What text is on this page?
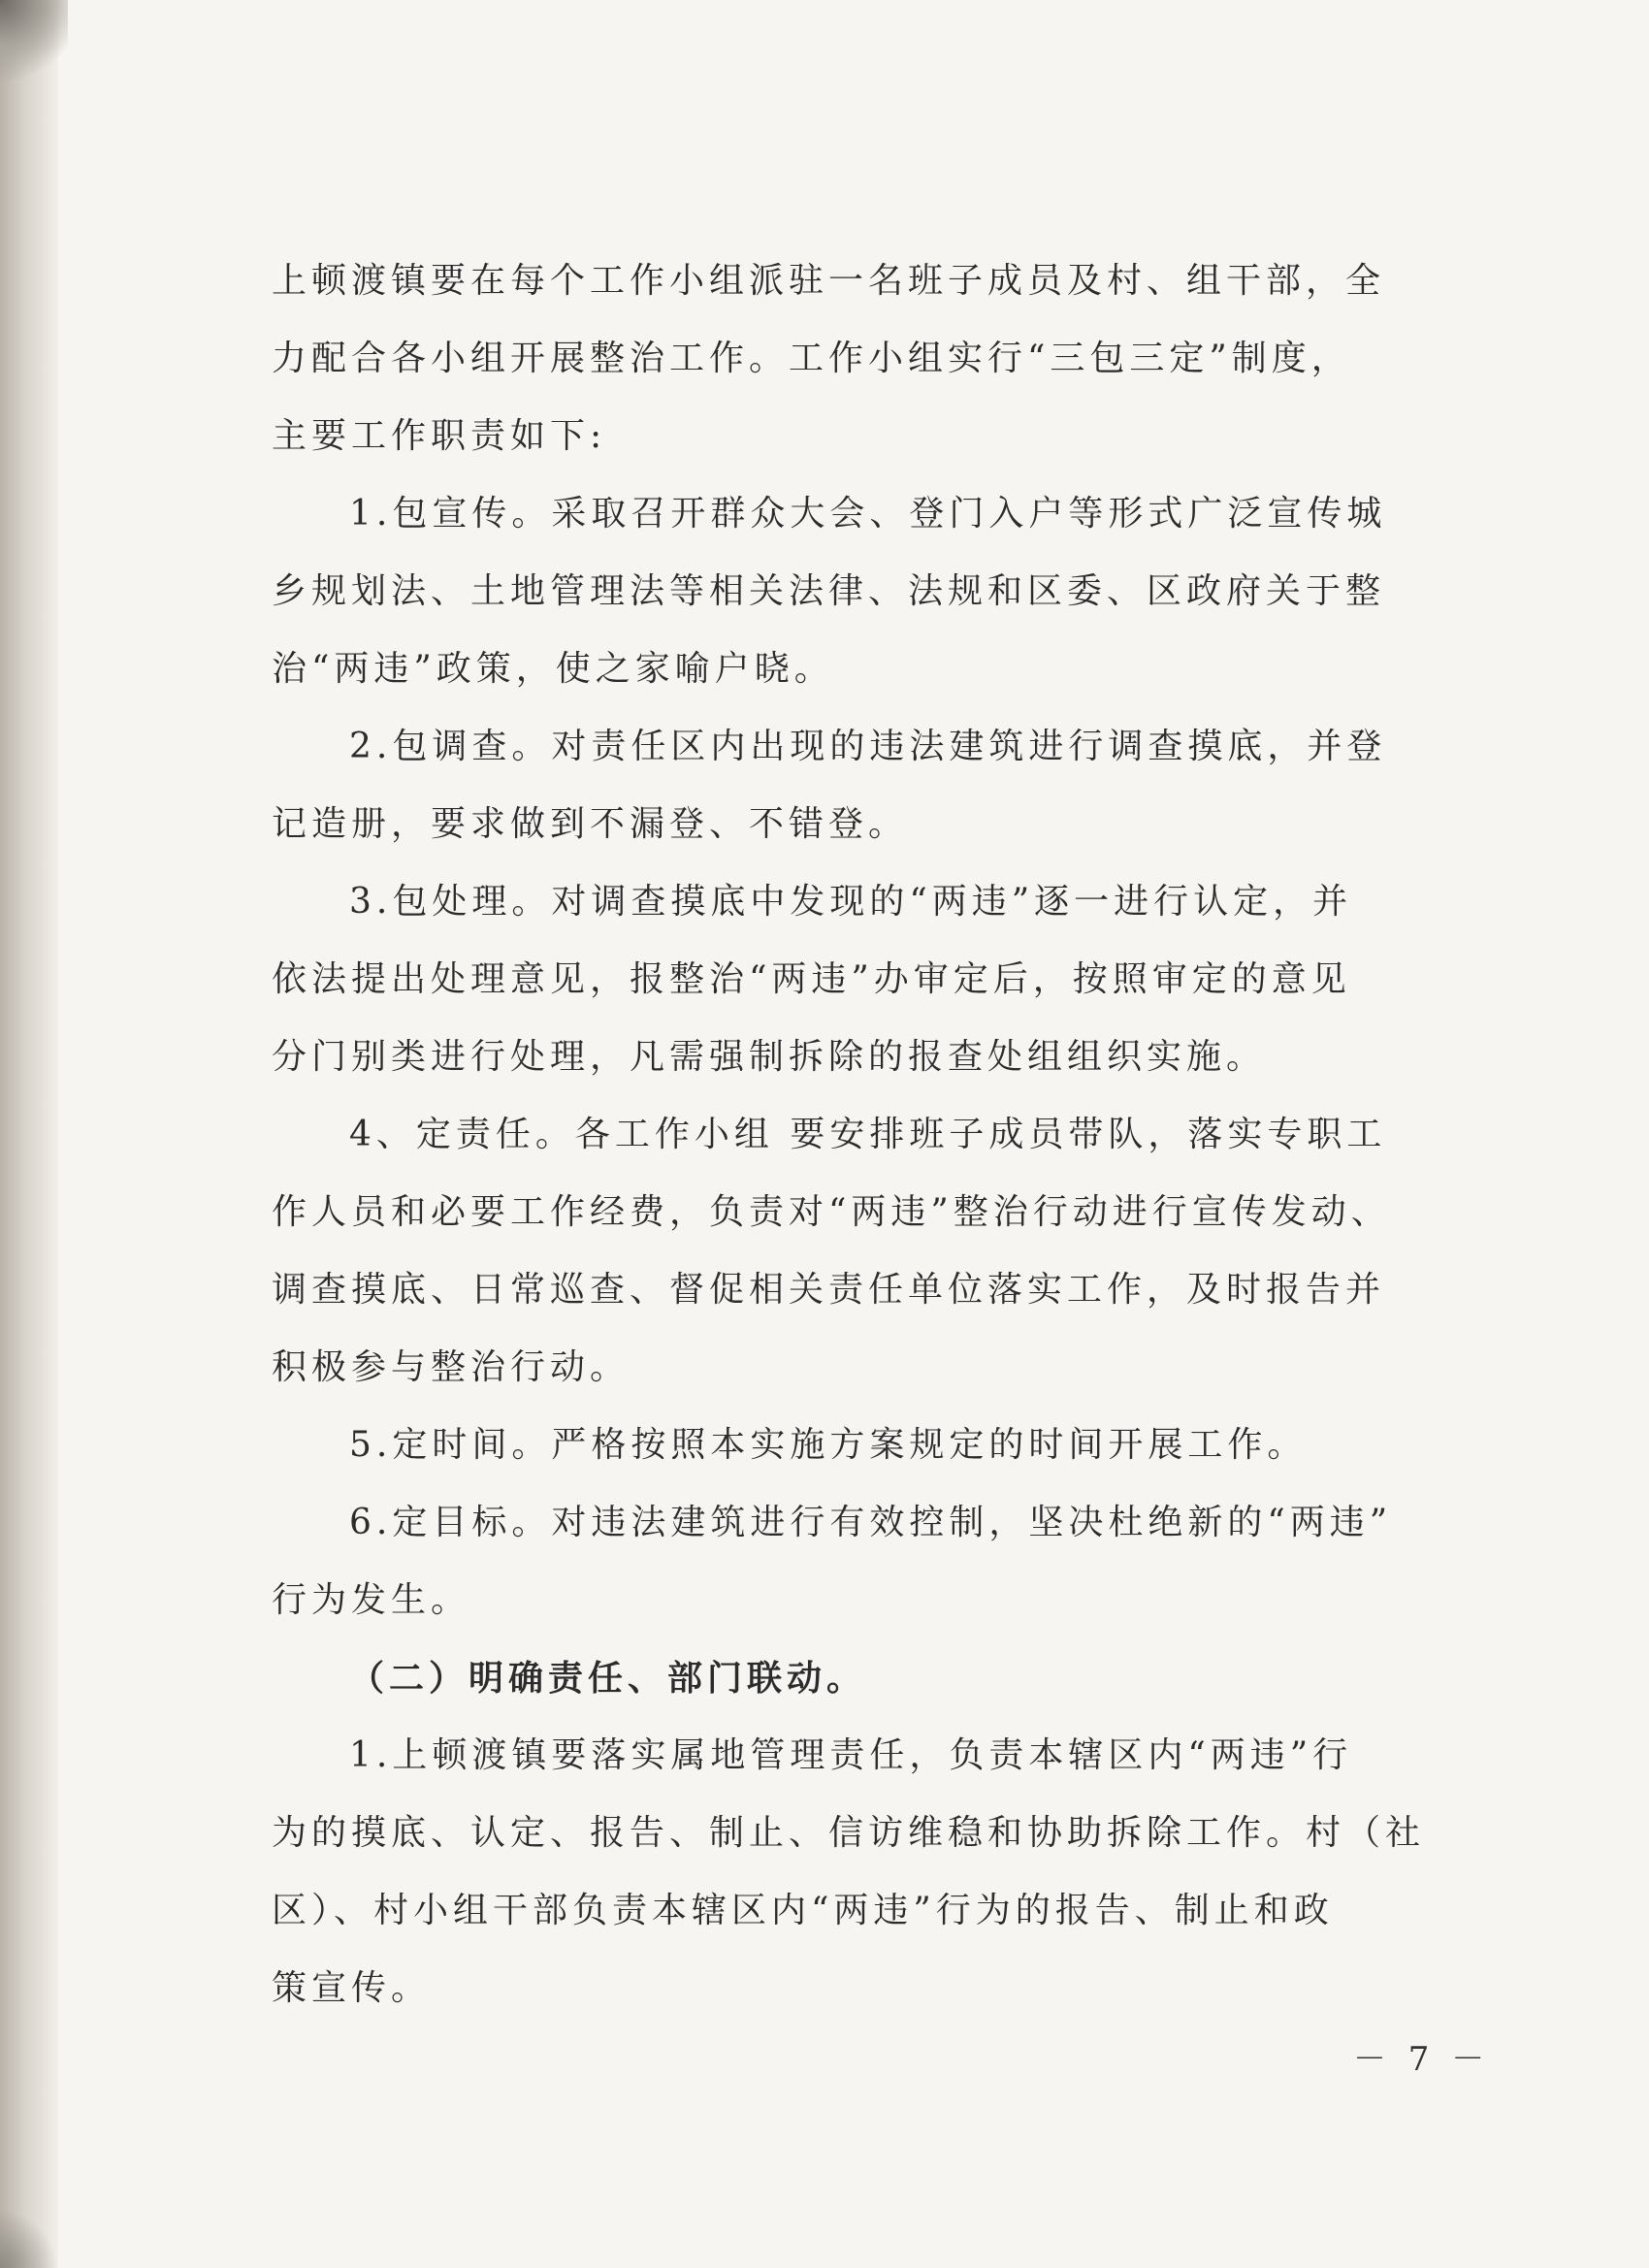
上顿渡镇要在每个工作小组派驻一名班子成员及村、组干部，全
力配合各小组开展整治工作。工作小组实行“三包三定”制度，
主要工作职责如下:
1.包宣传。采取召开群众大会、登门入户等形式广泛宣传城
乡规划法、土地管理法等相关法律、法规和区委、区政府关于整
治“两违”政策，使之家喻户晓。
2.包调查。对责任区内出现的违法建筑进行调查摸底，并登
记造册，要求做到不漏登、不错登。
3.包处理。对调查摸底中发现的“两违”逐一进行认定，并
依法提出处理意见，报整治“两违”办审定后，按照审定的意见
分门别类进行处理，凡需强制拆除的报查处组组织实施。
4、定责任。各工作小组 要安排班子成员带队，落实专职工
作人员和必要工作经费，负责对“两违”整治行动进行宣传发动、
调查摸底、日常巡查、督促相关责任单位落实工作，及时报告并
积极参与整治行动。
5.定时间。严格按照本实施方案规定的时间开展工作。
6.定目标。对违法建筑进行有效控制，坚决杜绝新的“两违”
行为发生。
（二）明确责任、部门联动。
1.上顿渡镇要落实属地管理责任，负责本辖区内“两违”行
为的摸底、认定、报告、制止、信访维稳和协助拆除工作。村（社
区）、村小组干部负责本辖区内“两违”行为的报告、制止和政
策宣传。
－ 7 －
